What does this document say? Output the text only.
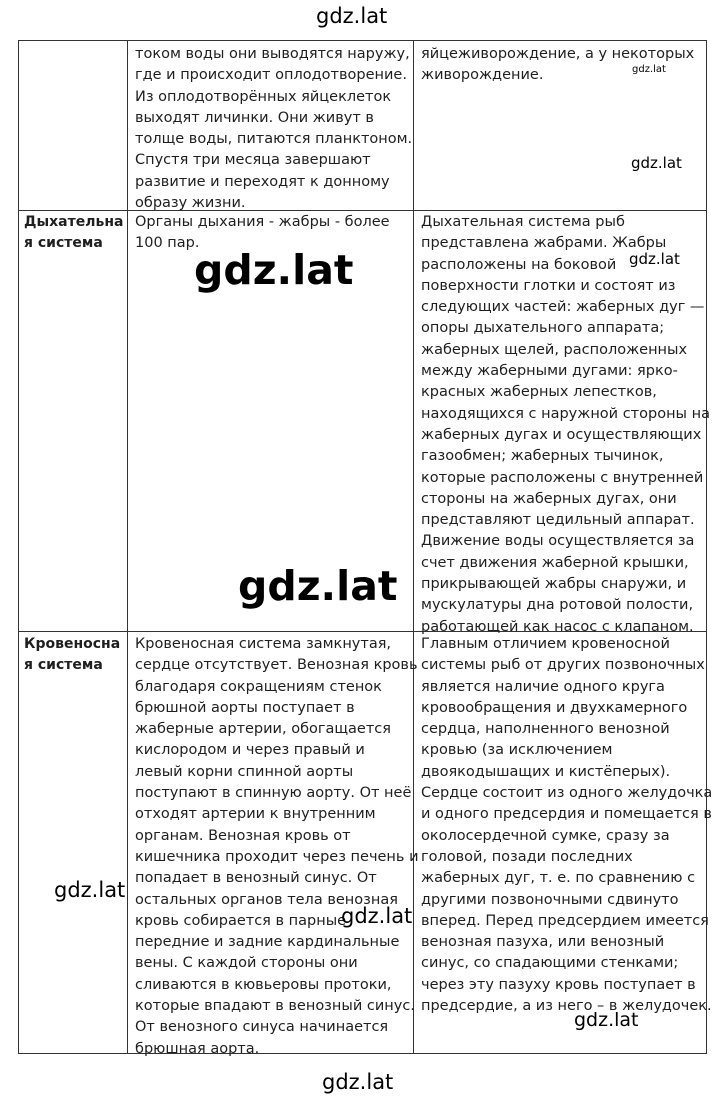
током воды они выводятся наружу,
где и происходит оплодотворение.
Из оплодотворённых яйцеклеток
выходят личинки. Они живут в
толще воды, питаются планктоном.
Спустя три месяца завершают
развитие и переходят к донному
образу жизни.
яйцеживорождение, а у некоторых
живорождение.
Дыхательна
я система
Органы дыхания - жабры - более
100 пар.
Дыхательная система рыб
представлена жабрами. Жабры
расположены на боковой
поверхности глотки и состоят из
следующих частей: жаберных дуг —
опоры дыхательного аппарата;
жаберных щелей, расположенных
между жаберными дугами: ярко-
красных жаберных лепестков,
находящихся с наружной стороны на
жаберных дугах и осуществляющих
газообмен; жаберных тычинок,
которые расположены с внутренней
стороны на жаберных дугах, они
представляют цедильный аппарат.
Движение воды осуществляется за
счет движения жаберной крышки,
прикрывающей жабры снаружи, и
мускулатуры дна ротовой полости,
работающей как насос с клапаном.
Кровеносна
я система
Кровеносная система замкнутая,
сердце отсутствует. Венозная кровь
благодаря сокращениям стенок
брюшной аорты поступает в
жаберные артерии, обогащается
кислородом и через правый и
левый корни спинной аорты
поступают в спинную аорту. От неё
отходят артерии к внутренним
органам. Венозная кровь от
кишечника проходит через печень и
попадает в венозный синус. От
остальных органов тела венозная
кровь собирается в парные
передние и задние кардинальные
вены. С каждой стороны они
сливаются в кювьеровы протоки,
которые впадают в венозный синус.
От венозного синуса начинается
брюшная аорта.
Главным отличием кровеносной
системы рыб от других позвоночных
является наличие одного круга
кровообращения и двухкамерного
сердца, наполненного венозной
кровью (за исключением
двоякодышащих и кистёперых).
Сердце состоит из одного желудочка
и одного предсердия и помещается в
околосердечной сумке, сразу за
головой, позади последних
жаберных дуг, т. е. по сравнению с
другими позвоночными сдвинуто
вперед. Перед предсердием имеется
венозная пазуха, или венозный
синус, со спадающими стенками;
через эту пазуху кровь поступает в
предсердие, а из него – в желудочек.
gdz.lat
gdz.lat
gdz.lat
gdz.lat
gdz.lat
gdz.lat
gdz.lat
gdz.lat
gdz.lat
gdz.lat
